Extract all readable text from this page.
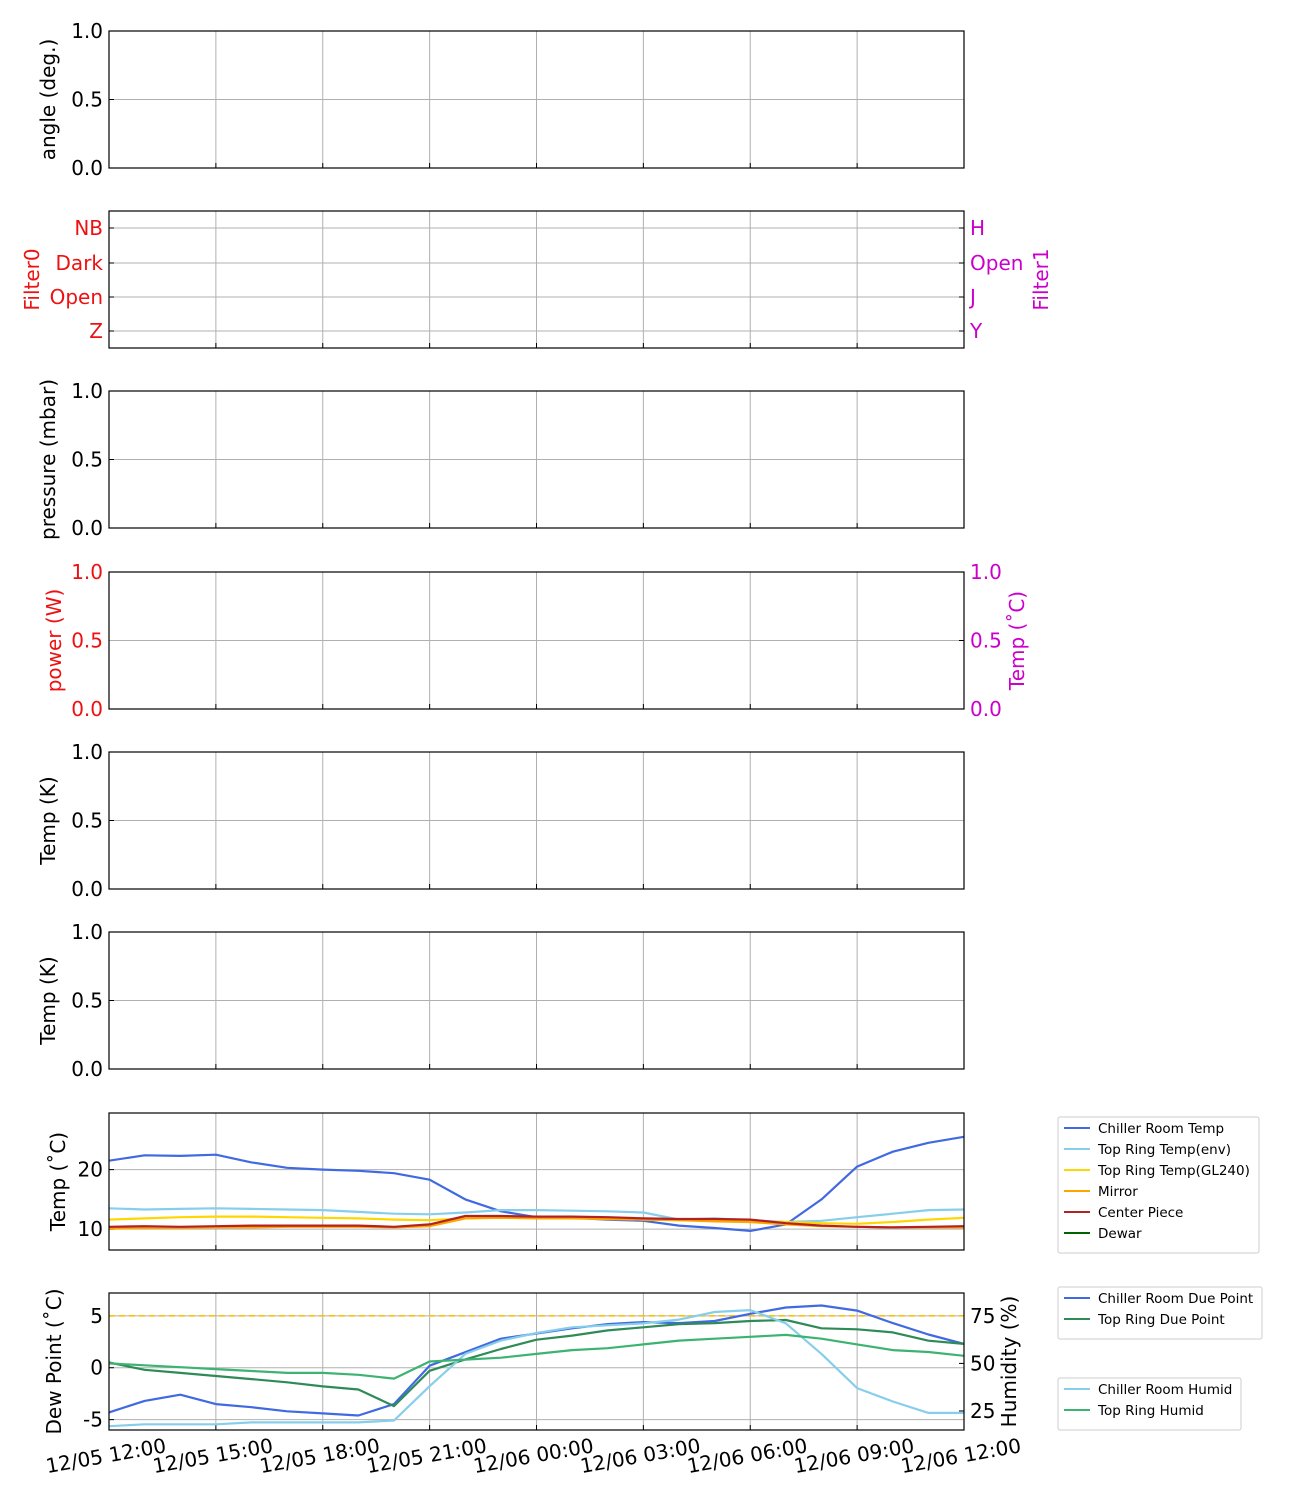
0.0
0.5
1.0
angle (deg.)
NB
Dark
Open
Z
H
Open
J
Y
Filter0	Filter1
0.0
0.5
1.0
pressure (mbar)
0.0
0.5
1.0
0.0
0.5
1.0
power (W)	Temp (˚C)
0.0
0.5
1.0
Temp (K)
0.0
0.5
1.0
Temp (K)
10
20
Temp (˚C)
Chiller Room Temp
Top Ring Temp(env)
Top Ring Temp(GL240)
Mirror
Center Piece
Dewar
-5
0
5
25
50
75
Dew Point (˚C)	Humidity (%)	Chiller Room Due Point
Top Ring Due Point
Chiller Room Humid
Top Ring Humid
12/05 12:00
12/05 15:00
12/05 18:00
12/05 21:00
12/06 00:00
12/06 03:00
12/06 06:00
12/06 09:00
12/06 12:00
